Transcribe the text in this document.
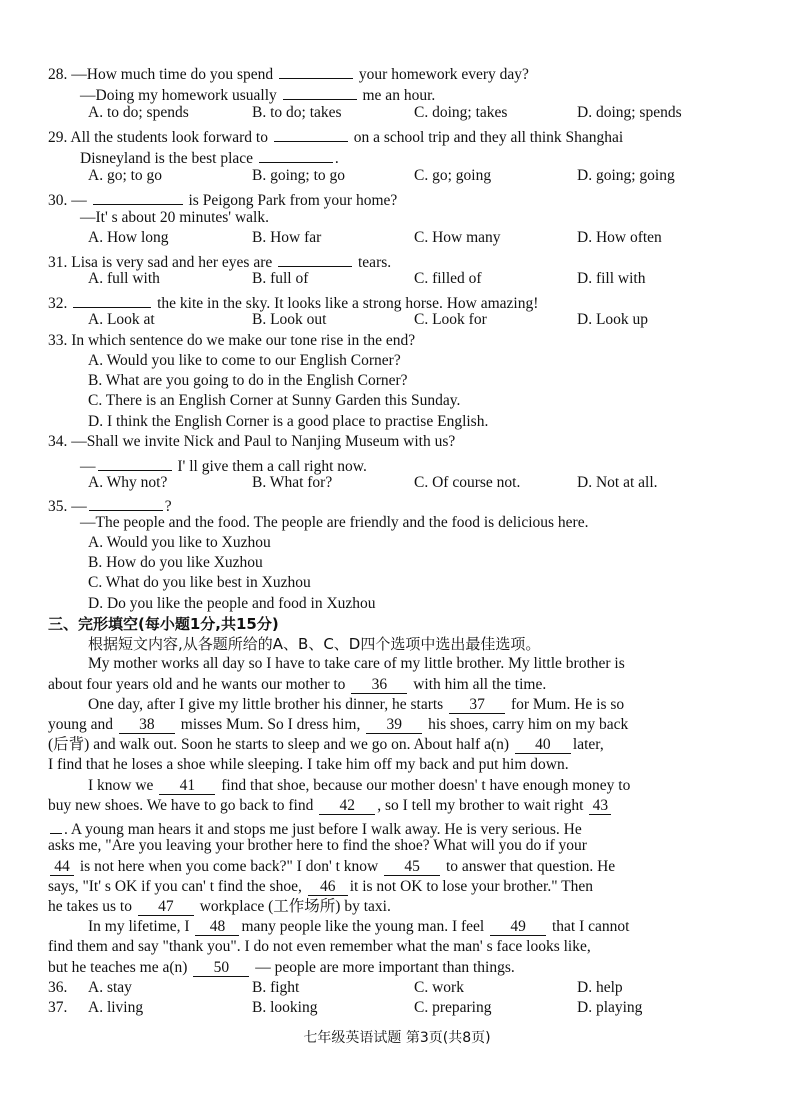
28. —How much time do you spend	your homework every day?
—Doing my homework usually	me an hour.
A. to do; spends	B. to do; takes	C. doing; takes	D. doing; spends
29. All the students look forward to	on a school trip and they all think Shanghai
Disneyland is the best place	.
A. go; to go	B. going; to go	C. go; going	D. going; going
30. —	is Peigong Park from your home?
—It' s about 20 minutes' walk.
A. How long	B. How far	C. How many	D. How often
31. Lisa is very sad and her eyes are	tears.
A. full with	B. full of	C. filled of	D. fill with
32.	the kite in the sky. It looks like a strong horse. How amazing!
A. Look at	B. Look out	C. Look for	D. Look up
33. In which sentence do we make our tone rise in the end?
A. Would you like to come to our English Corner?
B. What are you going to do in the English Corner?
C. There is an English Corner at Sunny Garden this Sunday.
D. I think the English Corner is a good place to practise English.
34. —Shall we invite Nick and Paul to Nanjing Museum with us?
—	I' ll give them a call right now.
A. Why not?	B. What for?	C. Of course not.	D. Not at all.
35. —	?
—The people and the food. The people are friendly and the food is delicious here.
A. Would you like to Xuzhou
B. How do you like Xuzhou
C. What do you like best in Xuzhou
D. Do you like the people and food in Xuzhou
三、完形填空(每小题1分,共15分)
根据短文内容,从各题所给的A、B、C、D四个选项中选出最佳选项。
My mother works all day so I have to take care of my little brother. My little brother is
about four years old and he wants our mother to 36 with him all the time.
One day, after I give my little brother his dinner, he starts 37 for Mum. He is so
young and 38 misses Mum. So I dress him, 39 his shoes, carry him on my back
(后背) and walk out. Soon he starts to sleep and we go on. About half a(n) 40 later,
I find that he loses a shoe while sleeping. I take him off my back and put him down.
I know we 41 find that shoe, because our mother doesn' t have enough money to
buy new shoes. We have to go back to find 42 , so I tell my brother to wait right 43
. A young man hears it and stops me just before I walk away. He is very serious. He
asks me, "Are you leaving your brother here to find the shoe? What will you do if your
44 is not here when you come back?" I don' t know 45 to answer that question. He
says, "It' s OK if you can' t find the shoe, 46 it is not OK to lose your brother." Then
he takes us to 47 workplace (工作场所) by taxi.
In my lifetime, I 48 many people like the young man. I feel 49 that I cannot
find them and say "thank you". I do not even remember what the man' s face looks like,
but he teaches me a(n) 50 — people are more important than things.
36. A. stay	B. fight	C. work	D. help
37. A. living	B. looking	C. preparing	D. playing
七年级英语试题 第3页(共8页)
